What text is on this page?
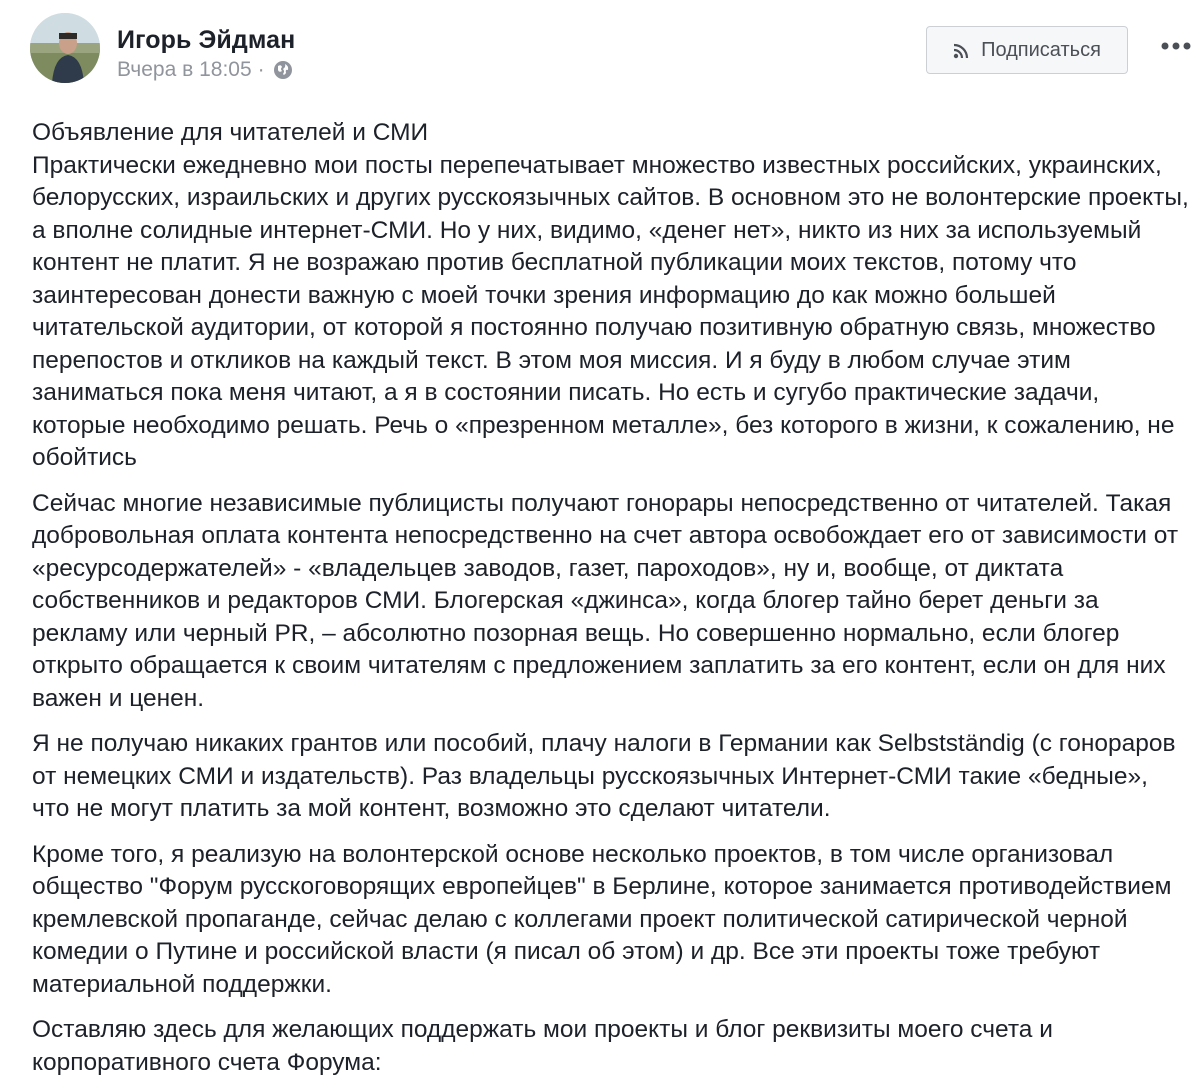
Игорь Эйдман
Вчера в 18:05 ·
Подписаться

Объявление для читателей и СМИ
Практически ежедневно мои посты перепечатывает множество известных российских, украинских, белорусских, израильских и других русскоязычных сайтов. В основном это не волонтерские проекты, а вполне солидные интернет-СМИ. Но у них, видимо, «денег нет», никто из них за используемый контент не платит. Я не возражаю против бесплатной публикации моих текстов, потому что заинтересован донести важную с моей точки зрения информацию до как можно большей читательской аудитории, от которой я постоянно получаю позитивную обратную связь, множество перепостов и откликов на каждый текст. В этом моя миссия. И я буду в любом случае этим заниматься пока меня читают, а я в состоянии писать. Но есть и сугубо практические задачи, которые необходимо решать. Речь о «презренном металле», без которого в жизни, к сожалению, не обойтись

Сейчас многие независимые публицисты получают гонорары непосредственно от читателей. Такая добровольная оплата контента непосредственно на счет автора освобождает его от зависимости от «ресурсодержателей» - «владельцев заводов, газет, пароходов», ну и, вообще, от диктата собственников и редакторов СМИ. Блогерская «джинса», когда блогер тайно берет деньги за рекламу или черный PR, – абсолютно позорная вещь. Но совершенно нормально, если блогер открыто обращается к своим читателям с предложением заплатить за его контент, если он для них важен и ценен.

Я не получаю никаких грантов или пособий, плачу налоги в Германии как Selbstständig (с гонораров от немецких СМИ и издательств). Раз владельцы русскоязычных Интернет-СМИ такие «бедные», что не могут платить за мой контент, возможно это сделают читатели.

Кроме того, я реализую на волонтерской основе несколько проектов, в том числе организовал общество "Форум русскоговорящих европейцев" в Берлине, которое занимается противодействием кремлевской пропаганде, сейчас делаю с коллегами проект политической сатирической черной комедии о Путине и российской власти (я писал об этом) и др. Все эти проекты тоже требуют материальной поддержки.

Оставляю здесь для желающих поддержать мои проекты и блог реквизиты моего счета и корпоративного счета Форума:
